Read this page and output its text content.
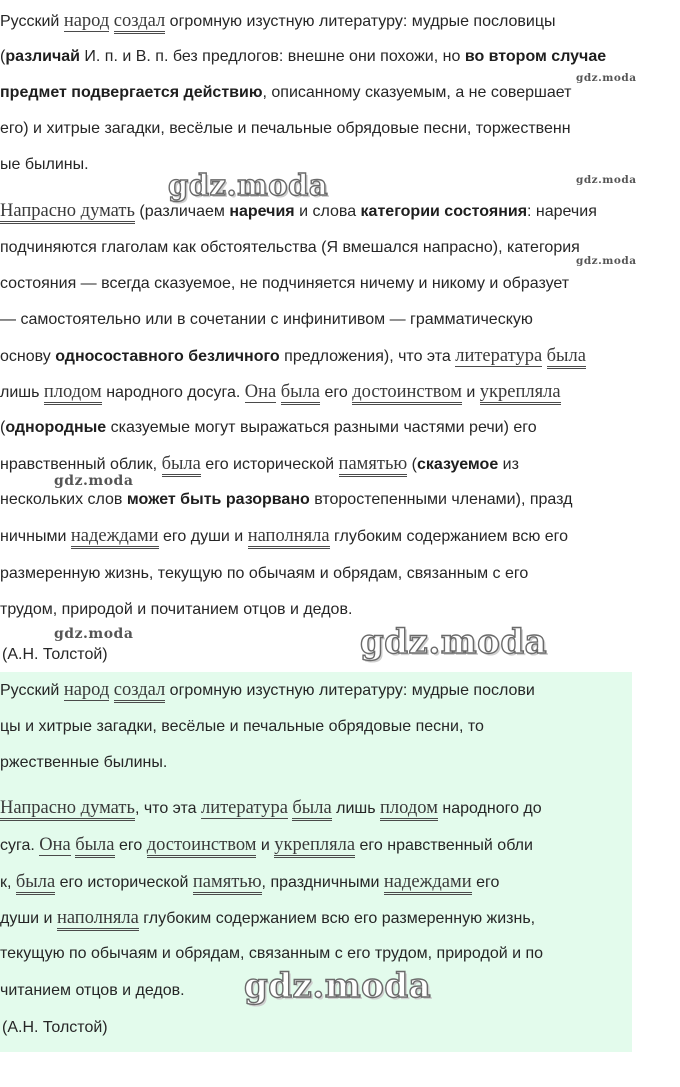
Русский народ создал огромную изустную литературу: мудрые пословицы
(различай И. п. и В. п. без предлогов: внешне они похожи, но во втором случае
предмет подвергается действию, описанному сказуемым, а не совершает
его) и хитрые загадки, весёлые и печальные обрядовые песни, торжественн
ые былины.
Напрасно думать (различаем наречия и слова категории состояния: наречия
подчиняются глаголам как обстоятельства (Я вмешался напрасно), категория
состояния — всегда сказуемое, не подчиняется ничему и никому и образует
— самостоятельно или в сочетании с инфинитивом — грамматическую
основу односоставного безличного предложения), что эта литература была
лишь плодом народного досуга. Она была его достоинством и укрепляла
(однородные сказуемые могут выражаться разными частями речи) его
нравственный облик, была его исторической памятью (сказуемое из
нескольких слов может быть разорвано второстепенными членами), празд
ничными надеждами его души и наполняла глубоким содержанием всю его
размеренную жизнь, текущую по обычаям и обрядам, связанным с его
трудом, природой и почитанием отцов и дедов.
(А.Н. Толстой)
Русский народ создал огромную изустную литературу: мудрые послови
цы и хитрые загадки, весёлые и печальные обрядовые песни, то
ржественные былины.
Напрасно думать, что эта литература была лишь плодом народного до
суга. Она была его достоинством и укрепляла его нравственный обли
к, была его исторической памятью, праздничными надеждами его
души и наполняла глубоким содержанием всю его размеренную жизнь,
текущую по обычаям и обрядам, связанным с его трудом, природой и по
читанием отцов и дедов.
(А.Н. Толстой)
gdz.moda
gdz.moda
gdz.moda
gdz.moda
gdz.moda
gdz.moda
gdz.moda
gdz.moda
